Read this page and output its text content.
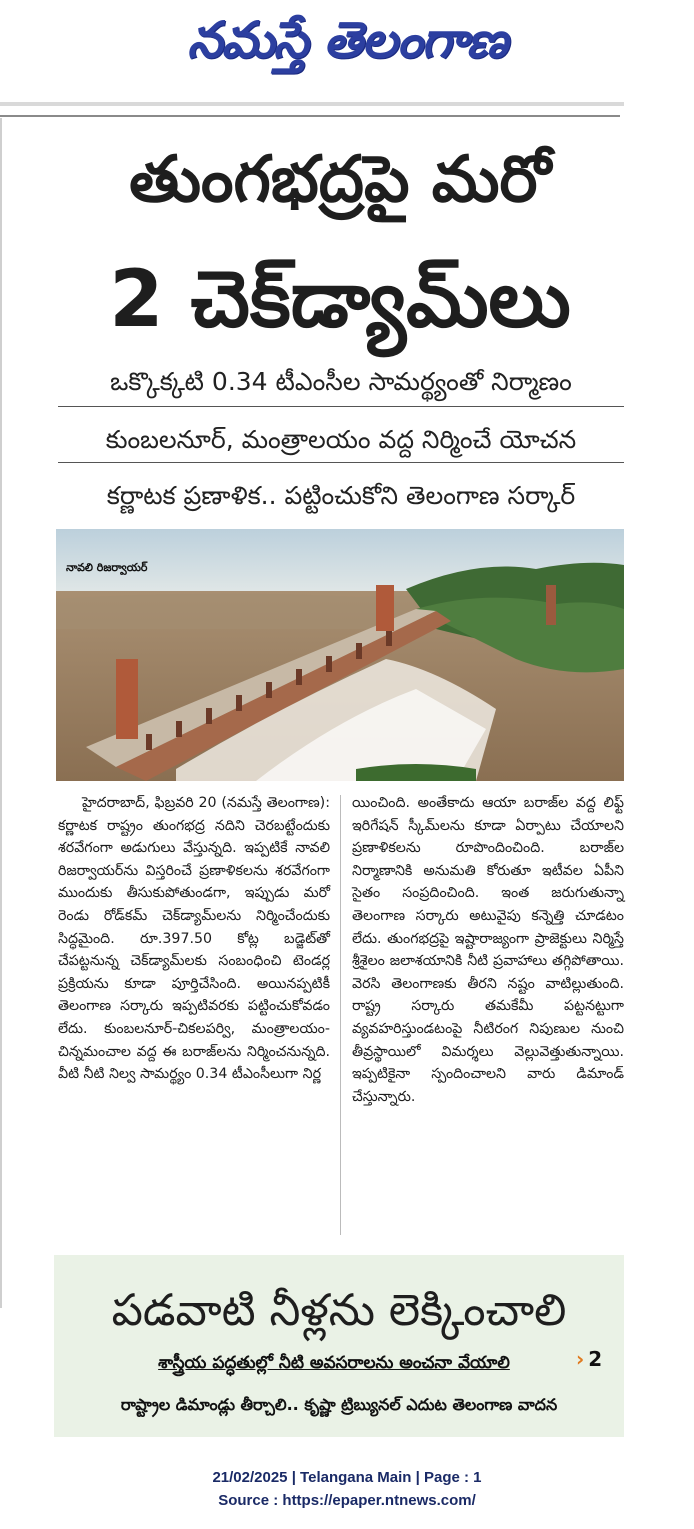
నమస్తే తెలంగాణ
తుంగభద్రపై మరో
2 చెక్‌డ్యామ్‌లు
ఒక్కొక్కటి 0.34 టీఎంసీల సామర్థ్యంతో నిర్మాణం
కుంబలనూర్‌, మంత్రాలయం వద్ద నిర్మించే యోచన
కర్ణాటక ప్రణాళిక.. పట్టించుకోని తెలంగాణ సర్కార్‌
నావలి రిజర్వాయర్‌
హైదరాబాద్‌, ఫిబ్రవరి 20 (నమస్తే తెలంగాణ): కర్ణాటక రాష్ట్రం తుంగభద్ర నదిని చెరబట్టేందుకు శరవేగంగా అడుగులు వేస్తున్నది. ఇప్పటికే నావలి రిజర్వాయర్‌ను విస్తరించే ప్రణాళికలను శరవేగంగా ముందుకు తీసుకుపోతుండగా, ఇప్పుడు మరో రెండు రోడ్‌కమ్‌ చెక్‌డ్యామ్‌లను నిర్మించేందుకు సిద్ధమైంది. రూ.397.50 కోట్ల బడ్జెట్‌తో చేపట్టనున్న చెక్‌డ్యామ్‌లకు సంబంధించి టెండర్ల ప్రక్రియను కూడా పూర్తిచేసింది. అయినప్పటికీ తెలంగాణ సర్కారు ఇప్పటివరకు పట్టించుకోవడం లేదు. కుంబలనూర్‌-చికలపర్వి, మంత్రాలయం-చిన్నమంచాల వద్ద ఈ బరాజ్‌లను నిర్మించనున్నది. వీటి నీటి నిల్వ సామర్థ్యం 0.34 టీఎంసీలుగా నిర్ణ
యించింది. అంతేకాదు ఆయా బరాజ్‌ల వద్ద లిఫ్ట్‌ ఇరిగేషన్‌ స్కీమ్‌లను కూడా ఏర్పాటు చేయాలని ప్రణాళికలను రూపొందించింది. బరాజ్‌ల నిర్మాణానికి అనుమతి కోరుతూ ఇటీవల ఏపీని సైతం సంప్రదించింది. ఇంత జరుగుతున్నా తెలంగాణ సర్కారు అటువైపు కన్నెత్తి చూడటం లేదు. తుంగభద్రపై ఇష్టారాజ్యంగా ప్రాజెక్టులు నిర్మిస్తే శ్రీశైలం జలాశయానికి నీటి ప్రవాహాలు తగ్గిపోతాయి. వెరసి తెలంగాణకు తీరని నష్టం వాటిల్లుతుంది. రాష్ట్ర సర్కారు తమకేమీ పట్టనట్టుగా వ్యవహరిస్తుండటంపై నీటిరంగ నిపుణుల నుంచి తీవ్రస్థాయిలో విమర్శలు వెల్లువెత్తుతున్నాయి. ఇప్పటికైనా స్పందించాలని వారు డిమాండ్‌ చేస్తున్నారు.
పడవాటి నీళ్లను లెక్కించాలి
శాస్త్రీయ పద్ధతుల్లో నీటి అవసరాలను అంచనా వేయాలి	› 2
రాష్ట్రాల డిమాండ్లు తీర్చాలి.. కృష్ణా ట్రిబ్యునల్‌ ఎదుట తెలంగాణ వాదన
21/02/2025 | Telangana Main | Page : 1
Source : https://epaper.ntnews.com/
